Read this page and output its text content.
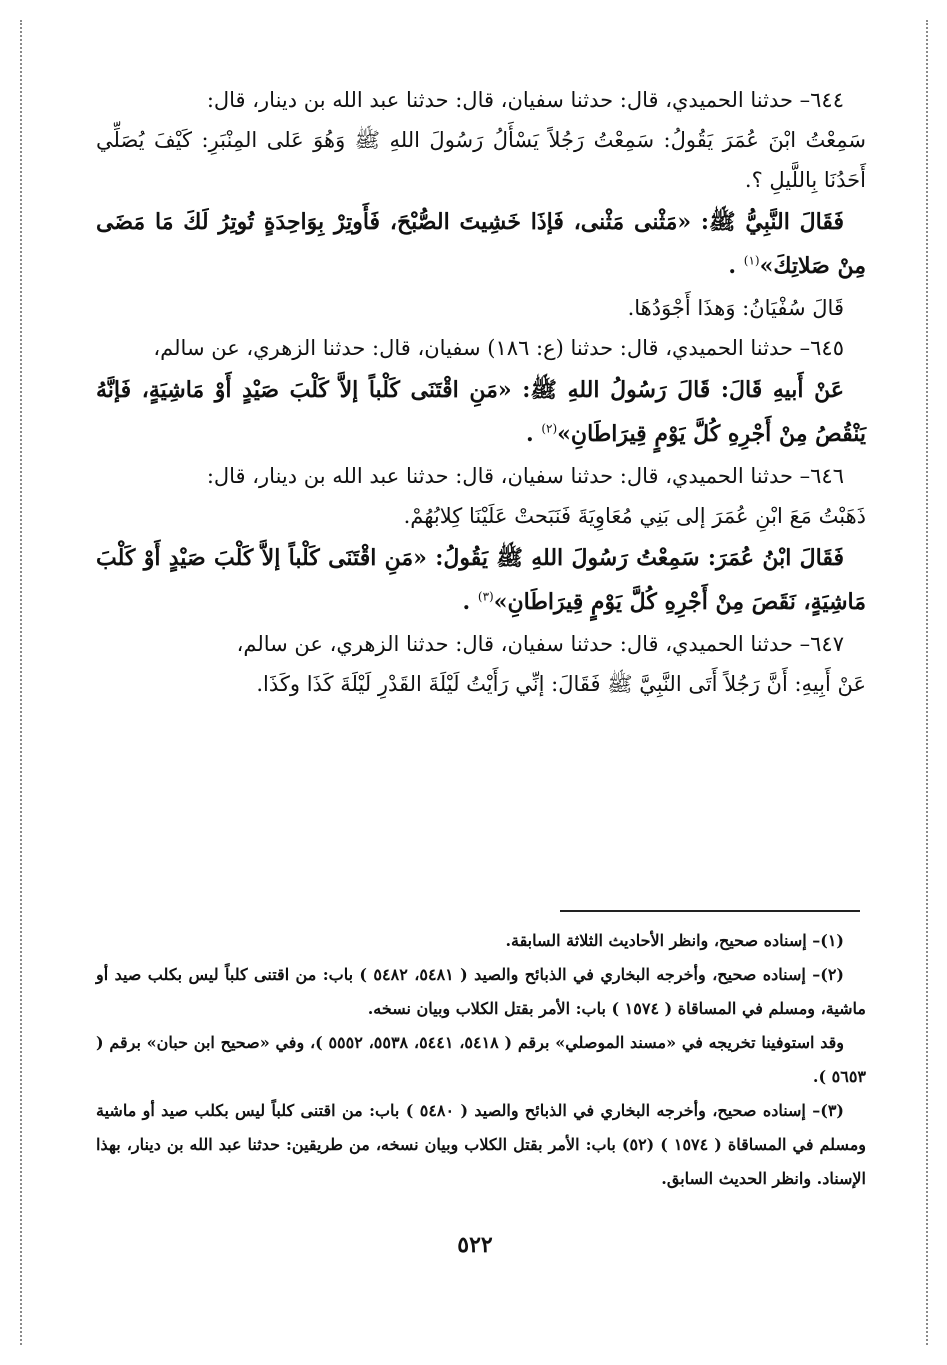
٦٤٤– حدثنا الحميدي، قال: حدثنا سفيان، قال: حدثنا عبد الله بن دينار، قال:

سَمِعْتُ ابْنَ عُمَرَ يَقُولُ: سَمِعْتُ رَجُلاً يَسْأَلُ رَسُولَ اللهِ ﷺ وَهُوَ عَلى المِنْبَرِ: كَيْفَ يُصَلِّي أَحَدُنَا بِاللَّيلِ ؟.

فَقَالَ النَّبِيُّ ﷺ: «مَثْنى مَثْنى، فَإذَا خَشِيتَ الصُّبْحَ، فَأَوتِرْ بِوَاحِدَةٍ تُوتِرُ لَكَ مَا مَضَى مِنْ صَلاتِكَ»$^{(١)}$ .

قَالَ سُفْيَانُ: وَهذَا أَجْوَدُهَا.

٦٤٥– حدثنا الحميدي، قال: حدثنا (ع: ١٨٦) سفيان، قال: حدثنا الزهري، عن سالم،

عَنْ أَبيهِ قَالَ: قَالَ رَسُولُ اللهِ ﷺ: «مَنِ اقْتَنَى كَلْباً إلاَّ كَلْبَ صَيْدٍ أَوْ مَاشِيَةٍ، فَإنَّهُ يَنْقُصُ مِنْ أَجْرِهِ كُلَّ يَوْمٍ قِيرَاطَانِ»$^{(٢)}$ .

٦٤٦– حدثنا الحميدي، قال: حدثنا سفيان، قال: حدثنا عبد الله بن دينار، قال:

ذَهَبْتُ مَعَ ابْنِ عُمَرَ إلى بَنِي مُعَاوِيَةَ فَنَبَحتْ عَلَيْنَا كِلابُهُمْ.

فَقَالَ ابْنُ عُمَرَ: سَمِعْتُ رَسُولَ اللهِ ﷺ يَقُولُ: «مَنِ اقْتَنَى كَلْباً إلاَّ كَلْبَ صَيْدٍ أَوْ كَلْبَ مَاشِيَةٍ، نَقَصَ مِنْ أَجْرِهِ كُلَّ يَوْمٍ قِيرَاطَانِ»$^{(٣)}$ .

٦٤٧– حدثنا الحميدي، قال: حدثنا سفيان، قال: حدثنا الزهري، عن سالم،

عَنْ أَبِيهِ: أَنَّ رَجُلاً أَتَى النَّبِيَّ ﷺ فَقَالَ: إنِّي رَأَيْتُ لَيْلَةَ القَدْرِ لَيْلَةَ كَذَا وكَذَا.

(١)– إسناده صحيح، وانظر الأحاديث الثلاثة السابقة.

(٢)– إسناده صحيح، وأخرجه البخاري في الذبائح والصيد ( ٥٤٨١، ٥٤٨٢ ) باب: من اقتنى كلباً ليس بكلب صيد أو ماشية، ومسلم في المساقاة ( ١٥٧٤ ) باب: الأمر بقتل الكلاب وبيان نسخه.

وقد استوفينا تخريجه في «مسند الموصلي» برقم ( ٥٤١٨، ٥٤٤١، ٥٥٣٨، ٥٥٥٢ )، وفي «صحيح ابن حبان» برقم ( ٥٦٥٣ ).

(٣)– إسناده صحيح، وأخرجه البخاري في الذبائح والصيد ( ٥٤٨٠ ) باب: من اقتنى كلباً ليس بكلب صيد أو ماشية ومسلم في المساقاة ( ١٥٧٤ ) (٥٢) باب: الأمر بقتل الكلاب وبيان نسخه، من طريقين: حدثنا عبد الله بن دينار، بهذا الإسناد. وانظر الحديث السابق.

٥٢٢
